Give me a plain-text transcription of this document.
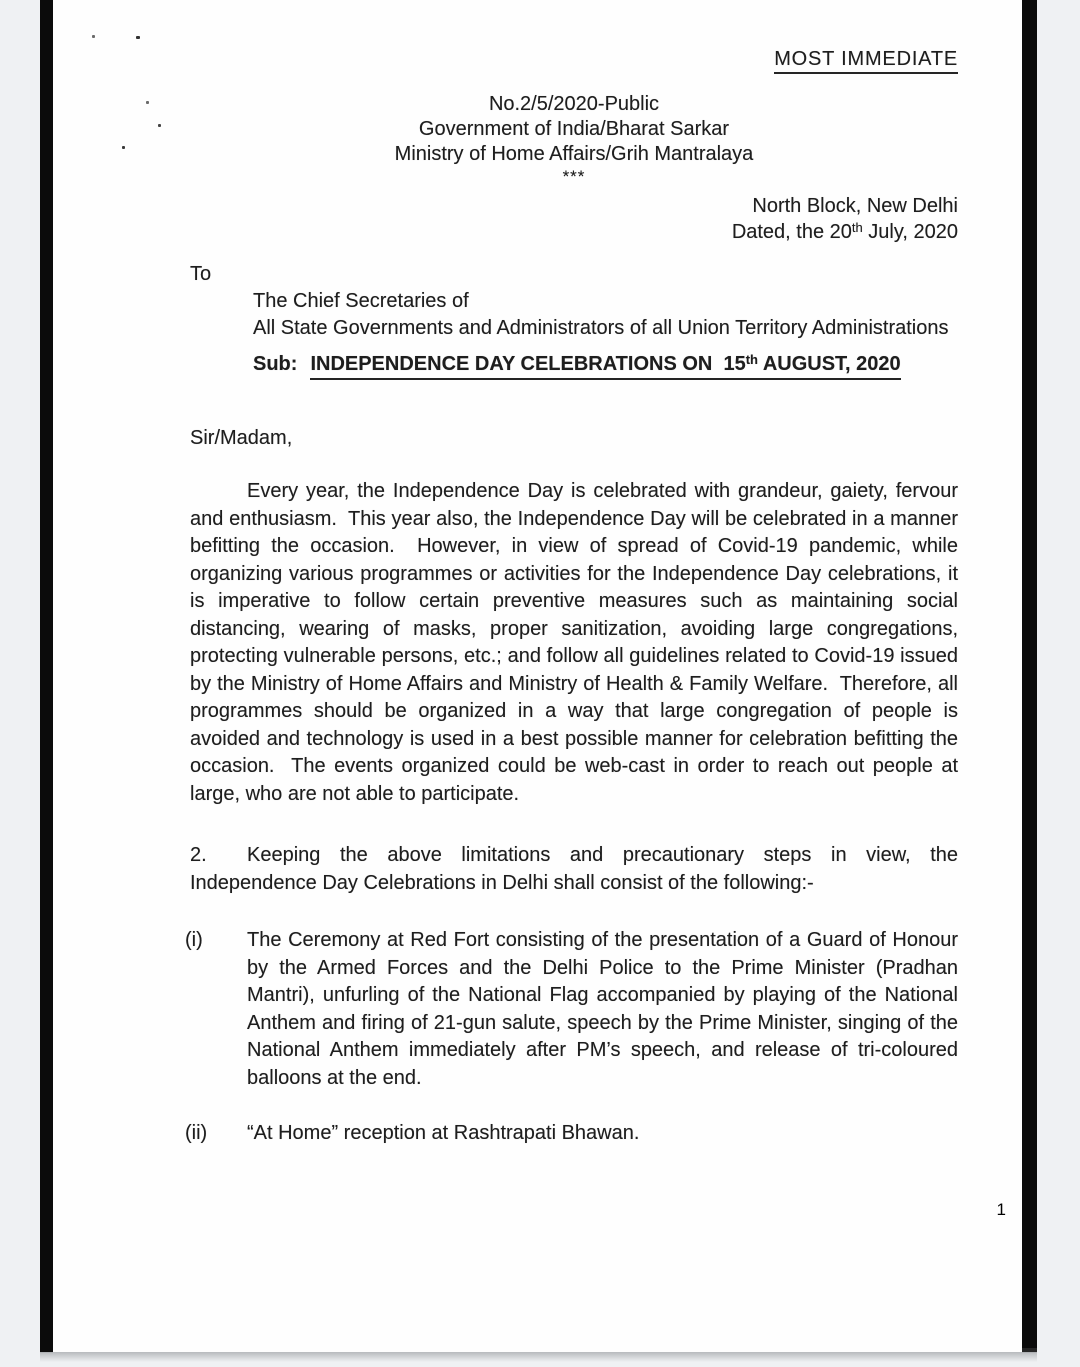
MOST IMMEDIATE
No.2/5/2020-Public
Government of India/Bharat Sarkar
Ministry of Home Affairs/Grih Mantralaya
***
North Block, New Delhi
Dated, the 20th July, 2020
To
The Chief Secretaries of
All State Governments and Administrators of all Union Territory Administrations
Sub: INDEPENDENCE DAY CELEBRATIONS ON  15th AUGUST, 2020
Sir/Madam,

Every year, the Independence Day is celebrated with grandeur, gaiety, fervour and enthusiasm.  This year also, the Independence Day will be celebrated in a manner befitting the occasion.  However, in view of spread of Covid-19 pandemic, while organizing various programmes or activities for the Independence Day celebrations, it is imperative to follow certain preventive measures such as maintaining social distancing, wearing of masks, proper sanitization, avoiding large congregations, protecting vulnerable persons, etc.; and follow all guidelines related to Covid-19 issued by the Ministry of Home Affairs and Ministry of Health & Family Welfare.  Therefore, all programmes should be organized in a way that large congregation of people is avoided and technology is used in a best possible manner for celebration befitting the occasion.  The events organized could be web-cast in order to reach out people at large, who are not able to participate.

2. Keeping the above limitations and precautionary steps in view, the Independence Day Celebrations in Delhi shall consist of the following:-

(i) The Ceremony at Red Fort consisting of the presentation of a Guard of Honour by the Armed Forces and the Delhi Police to the Prime Minister (Pradhan Mantri), unfurling of the National Flag accompanied by playing of the National Anthem and firing of 21-gun salute, speech by the Prime Minister, singing of the National Anthem immediately after PM’s speech, and release of tri-coloured balloons at the end.
(ii) “At Home” reception at Rashtrapati Bhawan.
1
